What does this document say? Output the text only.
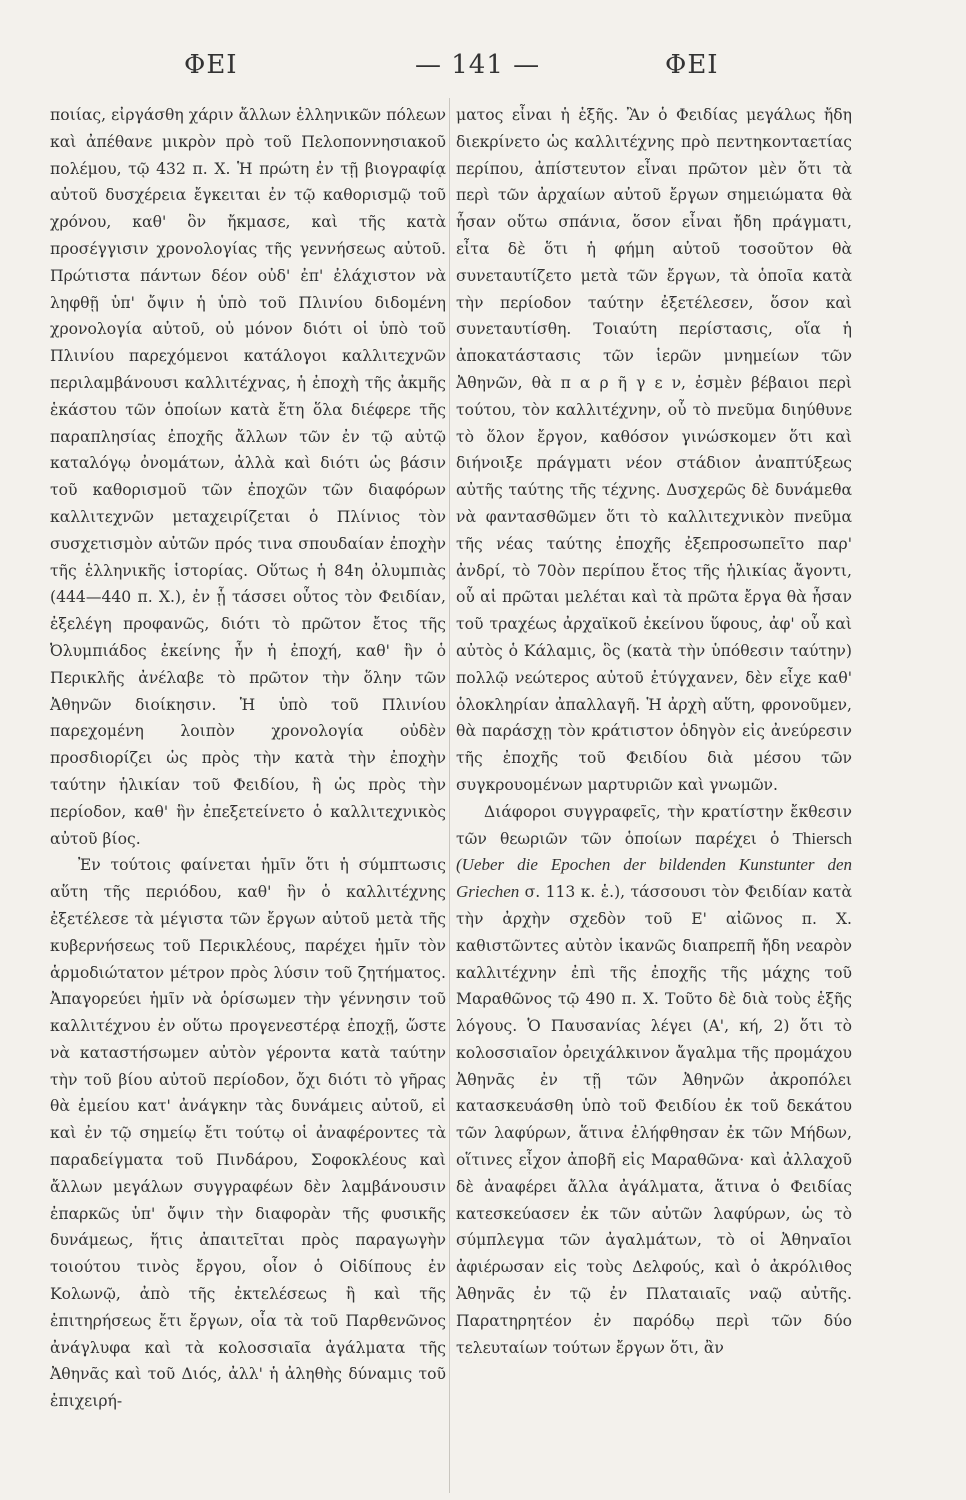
ΦΕΙ	— 141 —	ΦΕΙ

ποιίας, εἰργάσθη χάριν ἄλλων ἑλληνικῶν πόλεων καὶ ἀπέθανε μικρὸν πρὸ τοῦ Πελοποννησιακοῦ πολέμου, τῷ 432 π. Χ. Ἡ πρώτη ἐν τῇ βιογραφίᾳ αὐτοῦ δυσχέρεια ἔγκειται ἐν τῷ καθορισμῷ τοῦ χρόνου, καθ' ὃν ἤκμασε, καὶ τῆς κατὰ προσέγγισιν χρονολογίας τῆς γεννήσεως αὐτοῦ. Πρώτιστα πάντων δέον οὐδ' ἐπ' ἐλάχιστον νὰ ληφθῇ ὑπ' ὄψιν ἡ ὑπὸ τοῦ Πλινίου διδομένη χρονολογία αὐτοῦ, οὐ μόνον διότι οἱ ὑπὸ τοῦ Πλινίου παρεχόμενοι κατάλογοι καλλιτεχνῶν περιλαμβάνουσι καλλιτέχνας, ἡ ἐποχὴ τῆς ἀκμῆς ἑκάστου τῶν ὁποίων κατὰ ἔτη ὅλα διέφερε τῆς παραπλησίας ἐποχῆς ἄλλων τῶν ἐν τῷ αὐτῷ καταλόγῳ ὀνομάτων, ἀλλὰ καὶ διότι ὡς βάσιν τοῦ καθορισμοῦ τῶν ἐποχῶν τῶν διαφόρων καλλιτεχνῶν μεταχειρίζεται ὁ Πλίνιος τὸν συσχετισμὸν αὐτῶν πρός τινα σπουδαίαν ἐποχὴν τῆς ἑλληνικῆς ἱστορίας. Οὕτως ἡ 84η ὀλυμπιὰς (444—440 π. Χ.), ἐν ᾗ τάσσει οὗτος τὸν Φειδίαν, ἐξελέγη προφανῶς, διότι τὸ πρῶτον ἔτος τῆς Ὀλυμπιάδος ἐκείνης ἦν ἡ ἐποχή, καθ' ἣν ὁ Περικλῆς ἀνέλαβε τὸ πρῶτον τὴν ὅλην τῶν Ἀθηνῶν διοίκησιν. Ἡ ὑπὸ τοῦ Πλινίου παρεχομένη λοιπὸν χρονολογία οὐδὲν προσδιορίζει ὡς πρὸς τὴν κατὰ τὴν ἐποχὴν ταύτην ἡλικίαν τοῦ Φειδίου, ἢ ὡς πρὸς τὴν περίοδον, καθ' ἣν ἐπεξετείνετο ὁ καλλιτεχνικὸς αὐτοῦ βίος.

Ἐν τούτοις φαίνεται ἡμῖν ὅτι ἡ σύμπτωσις αὕτη τῆς περιόδου, καθ' ἣν ὁ καλλιτέχνης ἐξετέλεσε τὰ μέγιστα τῶν ἔργων αὐτοῦ μετὰ τῆς κυβερνήσεως τοῦ Περικλέους, παρέχει ἡμῖν τὸν ἁρμοδιώτατον μέτρον πρὸς λύσιν τοῦ ζητήματος. Ἀπαγορεύει ἡμῖν νὰ ὁρίσωμεν τὴν γέννησιν τοῦ καλλιτέχνου ἐν οὕτω προγενεστέρᾳ ἐποχῇ, ὥστε νὰ καταστήσωμεν αὐτὸν γέροντα κατὰ ταύτην τὴν τοῦ βίου αὐτοῦ περίοδον, ὄχι διότι τὸ γῆρας θὰ ἐμείου κατ' ἀνάγκην τὰς δυνάμεις αὐτοῦ, εἰ καὶ ἐν τῷ σημείῳ ἔτι τούτῳ οἱ ἀναφέροντες τὰ παραδείγματα τοῦ Πινδάρου, Σοφοκλέους καὶ ἄλλων μεγάλων συγγραφέων δὲν λαμβάνουσιν ἐπαρκῶς ὑπ' ὄψιν τὴν διαφορὰν τῆς φυσικῆς δυνάμεως, ἥτις ἀπαιτεῖται πρὸς παραγωγὴν τοιούτου τινὸς ἔργου, οἷον ὁ Οἰδίπους ἐν Κολωνῷ, ἀπὸ τῆς ἐκτελέσεως ἢ καὶ τῆς ἐπιτηρήσεως ἔτι ἔργων, οἷα τὰ τοῦ Παρθενῶνος ἀνάγλυφα καὶ τὰ κολοσσιαῖα ἀγάλματα τῆς Ἀθηνᾶς καὶ τοῦ Διός, ἀλλ' ἡ ἀληθὴς δύναμις τοῦ ἐπιχειρή-

ματος εἶναι ἡ ἑξῆς. Ἂν ὁ Φειδίας μεγάλως ἤδη διεκρίνετο ὡς καλλιτέχνης πρὸ πεντηκονταετίας περίπου, ἀπίστευτον εἶναι πρῶτον μὲν ὅτι τὰ περὶ τῶν ἀρχαίων αὐτοῦ ἔργων σημειώματα θὰ ἦσαν οὕτω σπάνια, ὅσον εἶναι ἤδη πράγματι, εἶτα δὲ ὅτι ἡ φήμη αὐτοῦ τοσοῦτον θὰ συνεταυτίζετο μετὰ τῶν ἔργων, τὰ ὁποῖα κατὰ τὴν περίοδον ταύτην ἐξετέλεσεν, ὅσον καὶ συνεταυτίσθη. Τοιαύτη περίστασις, οἵα ἡ ἀποκατάστασις τῶν ἱερῶν μνημείων τῶν Ἀθηνῶν, θὰ π α ρ ῆ γ ε ν, ἐσμὲν βέβαιοι περὶ τούτου, τὸν καλλιτέχνην, οὗ τὸ πνεῦμα διηύθυνε τὸ ὅλον ἔργον, καθόσον γινώσκομεν ὅτι καὶ διήνοιξε πράγματι νέον στάδιον ἀναπτύξεως αὐτῆς ταύτης τῆς τέχνης. Δυσχερῶς δὲ δυνάμεθα νὰ φαντασθῶμεν ὅτι τὸ καλλιτεχνικὸν πνεῦμα τῆς νέας ταύτης ἐποχῆς ἐξεπροσωπεῖτο παρ' ἀνδρί, τὸ 70ὸν περίπου ἔτος τῆς ἡλικίας ἄγοντι, οὗ αἱ πρῶται μελέται καὶ τὰ πρῶτα ἔργα θὰ ἦσαν τοῦ τραχέως ἀρχαϊκοῦ ἐκείνου ὕφους, ἀφ' οὗ καὶ αὐτὸς ὁ Κάλαμις, ὃς (κατὰ τὴν ὑπόθεσιν ταύτην) πολλῷ νεώτερος αὐτοῦ ἐτύγχανεν, δὲν εἶχε καθ' ὁλοκληρίαν ἀπαλλαγῆ. Ἡ ἀρχὴ αὕτη, φρονοῦμεν, θὰ παράσχῃ τὸν κράτιστον ὁδηγὸν εἰς ἀνεύρεσιν τῆς ἐποχῆς τοῦ Φειδίου διὰ μέσου τῶν συγκρουομένων μαρτυριῶν καὶ γνωμῶν.

Διάφοροι συγγραφεῖς, τὴν κρατίστην ἔκθεσιν τῶν θεωριῶν τῶν ὁποίων παρέχει ὁ Thiersch (Ueber die Epochen der bildenden Kunstunter den Griechen σ. 113 κ. ἑ.), τάσσουσι τὸν Φειδίαν κατὰ τὴν ἀρχὴν σχεδὸν τοῦ Ε' αἰῶνος π. Χ. καθιστῶντες αὐτὸν ἱκανῶς διαπρεπῆ ἤδη νεαρὸν καλλιτέχνην ἐπὶ τῆς ἐποχῆς τῆς μάχης τοῦ Μαραθῶνος τῷ 490 π. Χ. Τοῦτο δὲ διὰ τοὺς ἑξῆς λόγους. Ὁ Παυσανίας λέγει (Α', κή, 2) ὅτι τὸ κολοσσιαῖον ὀρειχάλκινον ἄγαλμα τῆς προμάχου Ἀθηνᾶς ἐν τῇ τῶν Ἀθηνῶν ἀκροπόλει κατασκευάσθη ὑπὸ τοῦ Φειδίου ἐκ τοῦ δεκάτου τῶν λαφύρων, ἅτινα ἐλήφθησαν ἐκ τῶν Μήδων, οἵτινες εἶχον ἀποβῆ εἰς Μαραθῶνα· καὶ ἀλλαχοῦ δὲ ἀναφέρει ἄλλα ἀγάλματα, ἅτινα ὁ Φειδίας κατεσκεύασεν ἐκ τῶν αὐτῶν λαφύρων, ὡς τὸ σύμπλεγμα τῶν ἀγαλμάτων, τὸ οἱ Ἀθηναῖοι ἀφιέρωσαν εἰς τοὺς Δελφούς, καὶ ὁ ἀκρόλιθος Ἀθηνᾶς ἐν τῷ ἐν Πλαταιαῖς ναῷ αὐτῆς. Παρατηρητέον ἐν παρόδῳ περὶ τῶν δύο τελευταίων τούτων ἔργων ὅτι, ἂν
